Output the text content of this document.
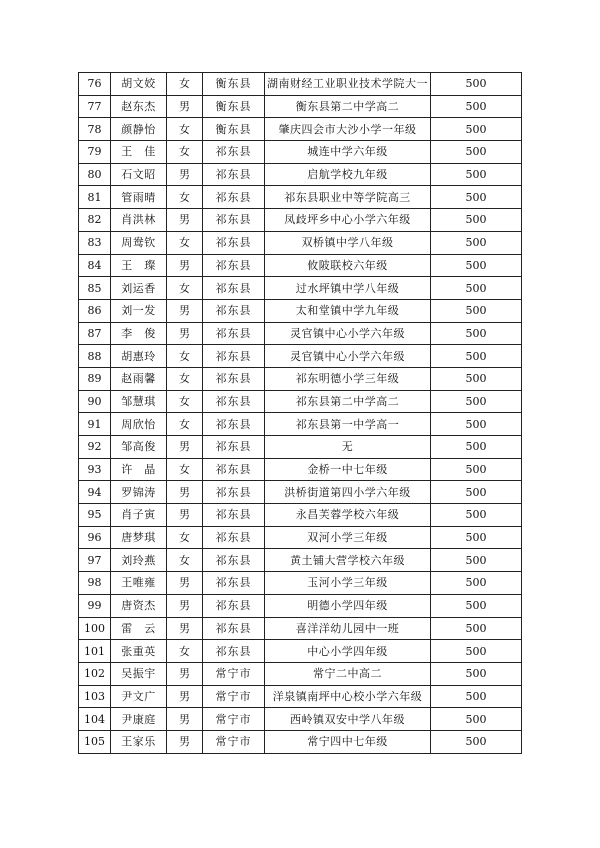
76	胡文姣	女	衡东县	湖南财经工业职业技术学院大一	500
77	赵东杰	男	衡东县	衡东县第二中学高二	500
78	颜静怡	女	衡东县	肇庆四会市大沙小学一年级	500
79	王　佳	女	祁东县	城连中学六年级	500
80	石文昭	男	祁东县	启航学校九年级	500
81	管雨晴	女	祁东县	祁东县职业中等学院高三	500
82	肖洪林	男	祁东县	凤歧坪乡中心小学六年级	500
83	周鸯钦	女	祁东县	双桥镇中学八年级	500
84	王　璨	男	祁东县	攸陂联校六年级	500
85	刘运香	女	祁东县	过水坪镇中学八年级	500
86	刘一发	男	祁东县	太和堂镇中学九年级	500
87	李　俊	男	祁东县	灵官镇中心小学六年级	500
88	胡惠玲	女	祁东县	灵官镇中心小学六年级	500
89	赵雨馨	女	祁东县	祁东明德小学三年级	500
90	邹慧琪	女	祁东县	祁东县第二中学高二	500
91	周欣怡	女	祁东县	祁东县第一中学高一	500
92	邹高俊	男	祁东县	无	500
93	许　晶	女	祁东县	金桥一中七年级	500
94	罗锦涛	男	祁东县	洪桥街道第四小学六年级	500
95	肖子寅	男	祁东县	永昌芙蓉学校六年级	500
96	唐梦琪	女	祁东县	双河小学三年级	500
97	刘玲燕	女	祁东县	黄土铺大营学校六年级	500
98	王唯雍	男	祁东县	玉河小学三年级	500
99	唐资杰	男	祁东县	明德小学四年级	500
100	雷　云	男	祁东县	喜洋洋幼儿园中一班	500
101	张重英	女	祁东县	中心小学四年级	500
102	吴振宇	男	常宁市	常宁二中高二	500
103	尹文广	男	常宁市	洋泉镇南坪中心校小学六年级	500
104	尹康庭	男	常宁市	西岭镇双安中学八年级	500
105	王家乐	男	常宁市	常宁四中七年级	500
